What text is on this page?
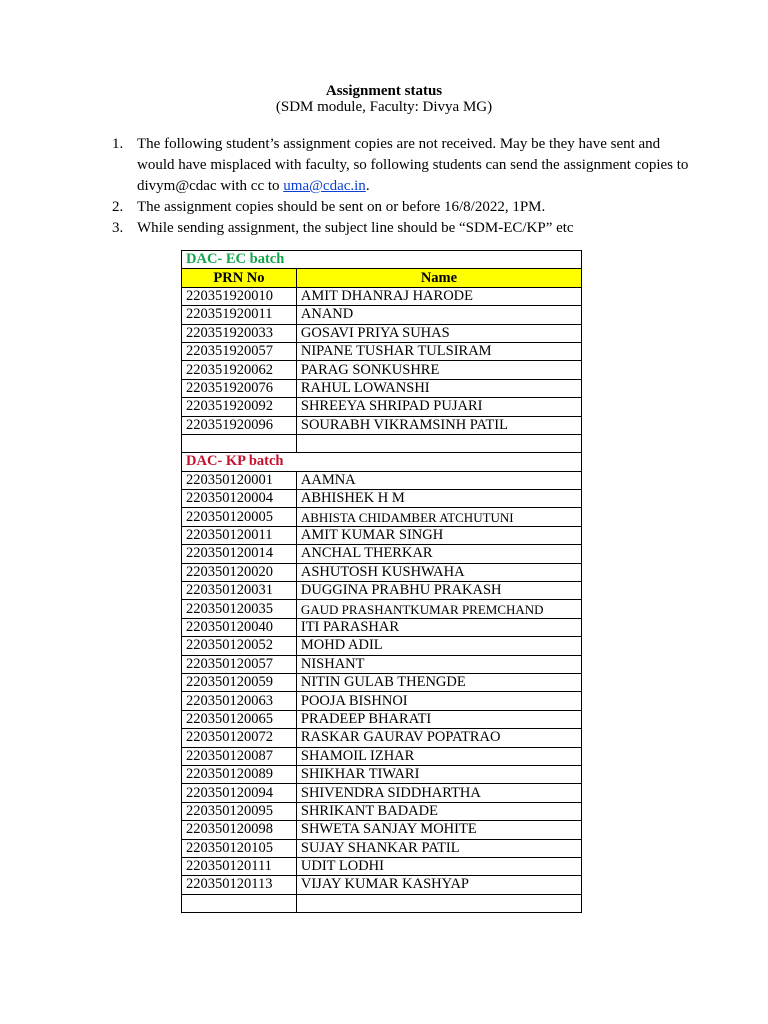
Assignment status
(SDM module, Faculty: Divya MG)
1. The following student’s assignment copies are not received. May be they have sent and would have misplaced with faculty, so following students can send the assignment copies to divym@cdac with cc to uma@cdac.in.
2. The assignment copies should be sent on or before 16/8/2022, 1PM.
3. While sending assignment, the subject line should be “SDM-EC/KP” etc
DAC- EC batch	
PRN No	Name
220351920010	AMIT DHANRAJ HARODE
220351920011	ANAND
220351920033	GOSAVI PRIYA SUHAS
220351920057	NIPANE TUSHAR TULSIRAM
220351920062	PARAG SONKUSHRE
220351920076	RAHUL LOWANSHI
220351920092	SHREEYA SHRIPAD PUJARI
220351920096	SOURABH VIKRAMSINH PATIL

DAC- KP batch	
220350120001	AAMNA
220350120004	ABHISHEK H M
220350120005	ABHISTA CHIDAMBER ATCHUTUNI
220350120011	AMIT KUMAR SINGH
220350120014	ANCHAL THERKAR
220350120020	ASHUTOSH KUSHWAHA
220350120031	DUGGINA PRABHU PRAKASH
220350120035	GAUD PRASHANTKUMAR PREMCHAND
220350120040	ITI PARASHAR
220350120052	MOHD ADIL
220350120057	NISHANT
220350120059	NITIN GULAB THENGDE
220350120063	POOJA BISHNOI
220350120065	PRADEEP BHARATI
220350120072	RASKAR GAURAV POPATRAO
220350120087	SHAMOIL IZHAR
220350120089	SHIKHAR TIWARI
220350120094	SHIVENDRA SIDDHARTHA
220350120095	SHRIKANT BADADE
220350120098	SHWETA SANJAY MOHITE
220350120105	SUJAY SHANKAR PATIL
220350120111	UDIT LODHI
220350120113	VIJAY KUMAR KASHYAP
